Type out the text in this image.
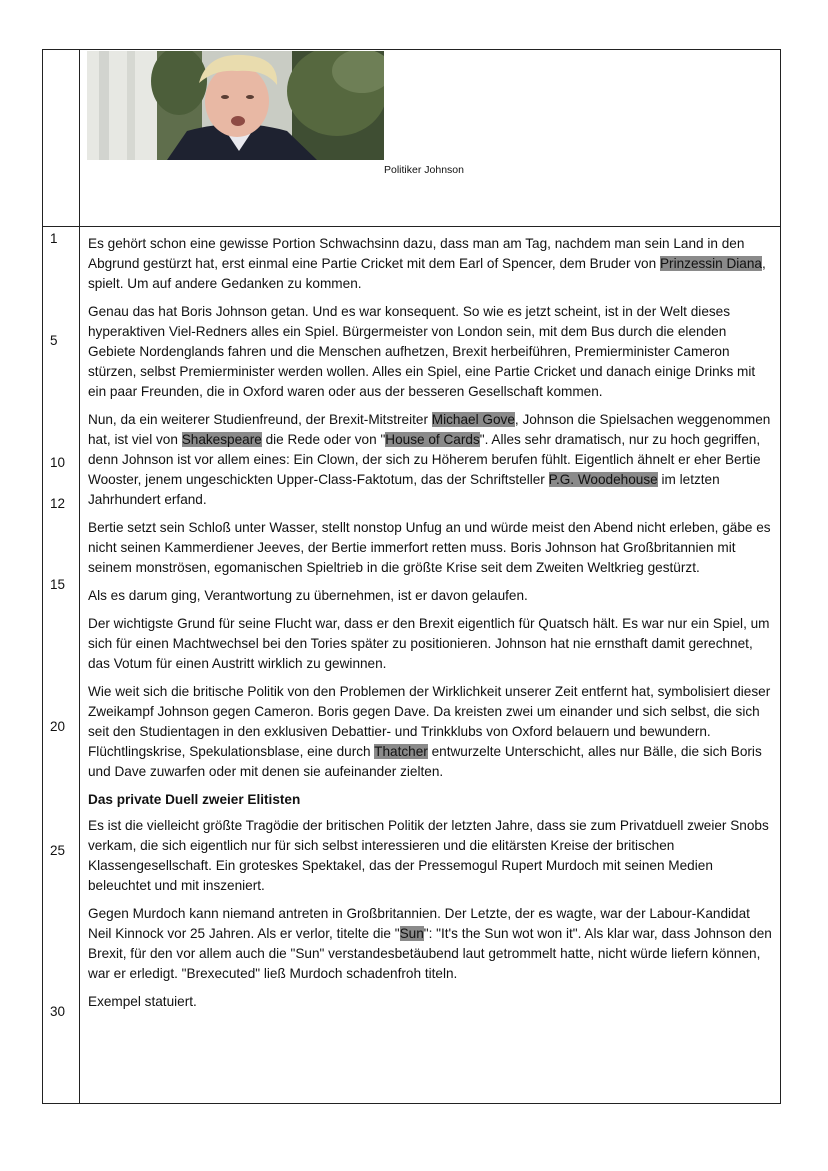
Politiker Johnson
1
5
10
12
15
20
25
30

Es gehört schon eine gewisse Portion Schwachsinn dazu, dass man am Tag, nachdem man sein Land in den Abgrund gestürzt hat, erst einmal eine Partie Cricket mit dem Earl of Spencer, dem Bruder von Prinzessin Diana, spielt. Um auf andere Gedanken zu kommen.

Genau das hat Boris Johnson getan. Und es war konsequent. So wie es jetzt scheint, ist in der Welt dieses hyperaktiven Viel-Redners alles ein Spiel. Bürgermeister von London sein, mit dem Bus durch die elenden Gebiete Nordenglands fahren und die Menschen aufhetzen, Brexit herbeiführen, Premierminister Cameron stürzen, selbst Premierminister werden wollen. Alles ein Spiel, eine Partie Cricket und danach einige Drinks mit ein paar Freunden, die in Oxford waren oder aus der besseren Gesellschaft kommen.

Nun, da ein weiterer Studienfreund, der Brexit-Mitstreiter Michael Gove, Johnson die Spielsachen weggenommen hat, ist viel von Shakespeare die Rede oder von "House of Cards". Alles sehr dramatisch, nur zu hoch gegriffen, denn Johnson ist vor allem eines: Ein Clown, der sich zu Höherem berufen fühlt. Eigentlich ähnelt er eher Bertie Wooster, jenem ungeschickten Upper-Class-Faktotum, das der Schriftsteller P.G. Woodehouse im letzten Jahrhundert erfand.

Bertie setzt sein Schloß unter Wasser, stellt nonstop Unfug an und würde meist den Abend nicht erleben, gäbe es nicht seinen Kammerdiener Jeeves, der Bertie immerfort retten muss. Boris Johnson hat Großbritannien mit seinem monströsen, egomanischen Spieltrieb in die größte Krise seit dem Zweiten Weltkrieg gestürzt.

Als es darum ging, Verantwortung zu übernehmen, ist er davon gelaufen.

Der wichtigste Grund für seine Flucht war, dass er den Brexit eigentlich für Quatsch hält. Es war nur ein Spiel, um sich für einen Machtwechsel bei den Tories später zu positionieren. Johnson hat nie ernsthaft damit gerechnet, das Votum für einen Austritt wirklich zu gewinnen.

Wie weit sich die britische Politik von den Problemen der Wirklichkeit unserer Zeit entfernt hat, symbolisiert dieser Zweikampf Johnson gegen Cameron. Boris gegen Dave. Da kreisten zwei um einander und sich selbst, die sich seit den Studientagen in den exklusiven Debattier- und Trinkklubs von Oxford belauern und bewundern. Flüchtlingskrise, Spekulationsblase, eine durch Thatcher entwurzelte Unterschicht, alles nur Bälle, die sich Boris und Dave zuwarfen oder mit denen sie aufeinander zielten.

Das private Duell zweier Elitisten

Es ist die vielleicht größte Tragödie der britischen Politik der letzten Jahre, dass sie zum Privatduell zweier Snobs verkam, die sich eigentlich nur für sich selbst interessieren und die elitärsten Kreise der britischen Klassengesellschaft. Ein groteskes Spektakel, das der Pressemogul Rupert Murdoch mit seinen Medien beleuchtet und mit inszeniert.

Gegen Murdoch kann niemand antreten in Großbritannien. Der Letzte, der es wagte, war der Labour-Kandidat Neil Kinnock vor 25 Jahren. Als er verlor, titelte die "Sun": "It's the Sun wot won it". Als klar war, dass Johnson den Brexit, für den vor allem auch die "Sun" verstandesbetäubend laut getrommelt hatte, nicht würde liefern können, war er erledigt. "Brexecuted" ließ Murdoch schadenfroh titeln.

Exempel statuiert.
